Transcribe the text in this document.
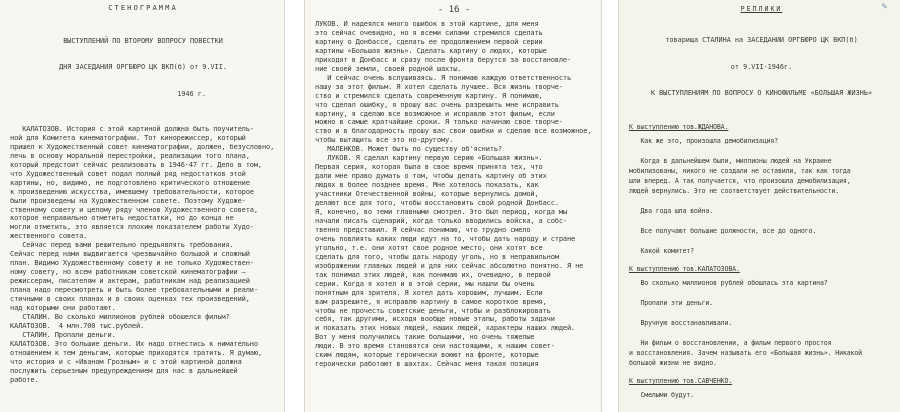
СТЕНОГРАММА

ВЫСТУПЛЕНИЙ ПО ВТОРОМУ ВОПРОСУ ПОВЕСТКИ

ДНЯ ЗАСЕДАНИЯ ОРГБЮРО ЦК ВКП(б) от 9.VII.

1946 г.

КАЛАТОЗОВ. История с этой картиной должна быть поучитель-
ной для Комитета кинематографии. Тот кинорежиссер, который
пришел к Художественный совет кинематографии, должен, безусловно,
лечь в основу моральной перестройки, реализации того плана,
который предстоит сейчас реализовать в 1946-47 гг. Дело в том,
что Художественный совет подал полный ряд недостатков этой
картины, но, видимо, не подготовлено критического отношение
к произведению искусства, имевшему требовательности, которое
были произведены на Художественном совете. Поэтому Художе-
ственному совету и целому ряду членов Художественного совета,
которое неправильно отметить недостатки, но до конца не
могли отметить, это является плохим показателем работы Худо-
жественного совета.
Сейчас перед вами решительно предъявлять требования.
Сейчас перед нами выдвигается чрезвычайно большой и сложный
план. Видимо Художественному совету и не только Художествен-
ному совету, но всем работникам советской кинематографии –
режиссерам, писателям и актерам, работникам над реализацией
плана надо пересмотреть и быть более требовательными и реали-
стичными в своих планах и в своих оценках тех произведений,
над которыми они работают.
СТАЛИН. Во сколько миллионов рублей обошелся фильм?
КАЛАТОЗОВ.  4 млн.700 тыс.рублей.
СТАЛИН. Пропали деньги.
КАЛАТОЗОВ. Это большие деньги. Их надо отнестись к нимательно
отношением к тем деньгам, которые приходятся тратить. Я думаю,
что история и с «Иваном Грозным» и с этой картиной должна
послужить серьезным предупреждением для нас в дальнейшей
работе.
- 16 -
ЛУКОВ. И надеялся много ошибок в этой картине, для меня
это сейчас очевидно, но я всеми силами стремился сделать
картину о Донбассе, сделать ее продолжением первой серии
картины «Большая жизнь». Сделать картину о людях, которые
приходят в Донбасс и сразу после фронта берутся за восстановле-
ние своей земли, своей родной шахты.
И сейчас очень вслушиваясь. Я понимаю каждую ответственность
нашу за этот фильм. Я хотел сделать лучшее. Вся жизнь творче-
ство и стремился сделать современную картину. Я понимаю,
что сделал ошибку, я прошу вас очень разрешить мне исправить
картину, я сделаю все возможное и исправлю этот фильм, если
можно в самые кратчайшие сроки. Я только начинаю свое творче-
ство и в благодарность прошу вас свои ошибки и сделаю все возможное,
чтобы вытащить все это но-другому.
МАЛЕНКОВ. Может быть по существу об'яснить?
ЛУКОВ. Я сделал картину первую серию «Большая жизнь».
Первая серия, которая была в свое время принята тех, что
дали мне право думать о том, чтобы делать картину об этих
людях в более позднее время. Мне хотелось показать, как
участники Отечественной войны, которые вернулись домой,
делают все для того, чтобы восстановить свой родной Донбасс.
Я, конечно, во теми главными смотрел. Это был период, когда мы
начали писать сценарий, когда только вводились войска, а собс-
твенно представил. Я сейчас понимаю, что трудно смело
очень повлиять каких люди идут на то, чтобы дать народу и стране
угольно, т.е. они хотят свое родное место, они хотят все
сделать для того, чтобы дать народу уголь, но в неправильном
изображении главных людей и для них сейчас абсолютно понятно. Я не
так понимал этих людей, как понимаю их, очевидно, в первой
серии. Когда я хотел и в этой серии, мы нашли бы очень
понятным для зрителя. Я хотел дать хорошим, лучшим. Если
вам разрешите, я исправлю картину в самое короткое время,
чтобы не прочесть советские деньги, чтобы и разблокировать
себя, так другими, исходя вообще новые этапы, работы задачи
и показать этих новых людей, наших людей, характеры наших людей.
Вот у меня получились такие большими, но очень тяжелые
люди. В это время становятся они настоящими, к нашим совет-
ским людям, которые героически воюют на фронте, которые
героически работают в шахтах. Сейчас меня такая позиция
РЕПЛИКИ

товарища СТАЛИНА на ЗАСЕДАНИИ ОРГБЮРО ЦК ВКП(б)

от 9.VII-1946г.

К ВЫСТУПЛЕНИЯМ ПО ВОПРОСУ О КИНОФИЛЬМЕ «БОЛЬШАЯ ЖИЗНЬ»

К выступлению тов.ЖДАНОВА.
Как же это, произошла демобилизация?

Когда в дальнейшем были, миллионы людей на Украине
мобилизованы, никого не создали не оставили, так как тогда
шли вперед. А так получается, что произошла демобилизация,
людей вернулись. Это не соответствует действительности.

Два года шла война.

Все получают большие должности, все до одного.

Какой комитет?
К выступлению тов.КАЛАТОЗОВА.
Во сколько миллионов рублей обошлась эта картина?

Пропали эти деньги.

Вручную восстанавливали.

Ни фильм о восстановлении, а фильм первого простоя
и восстановления. Зачем называть его «Большая жизнь». Никакой
большой жизни не видно.
К выступлению тов.САВЧЕНКО.
Смелыми будут.
✎
